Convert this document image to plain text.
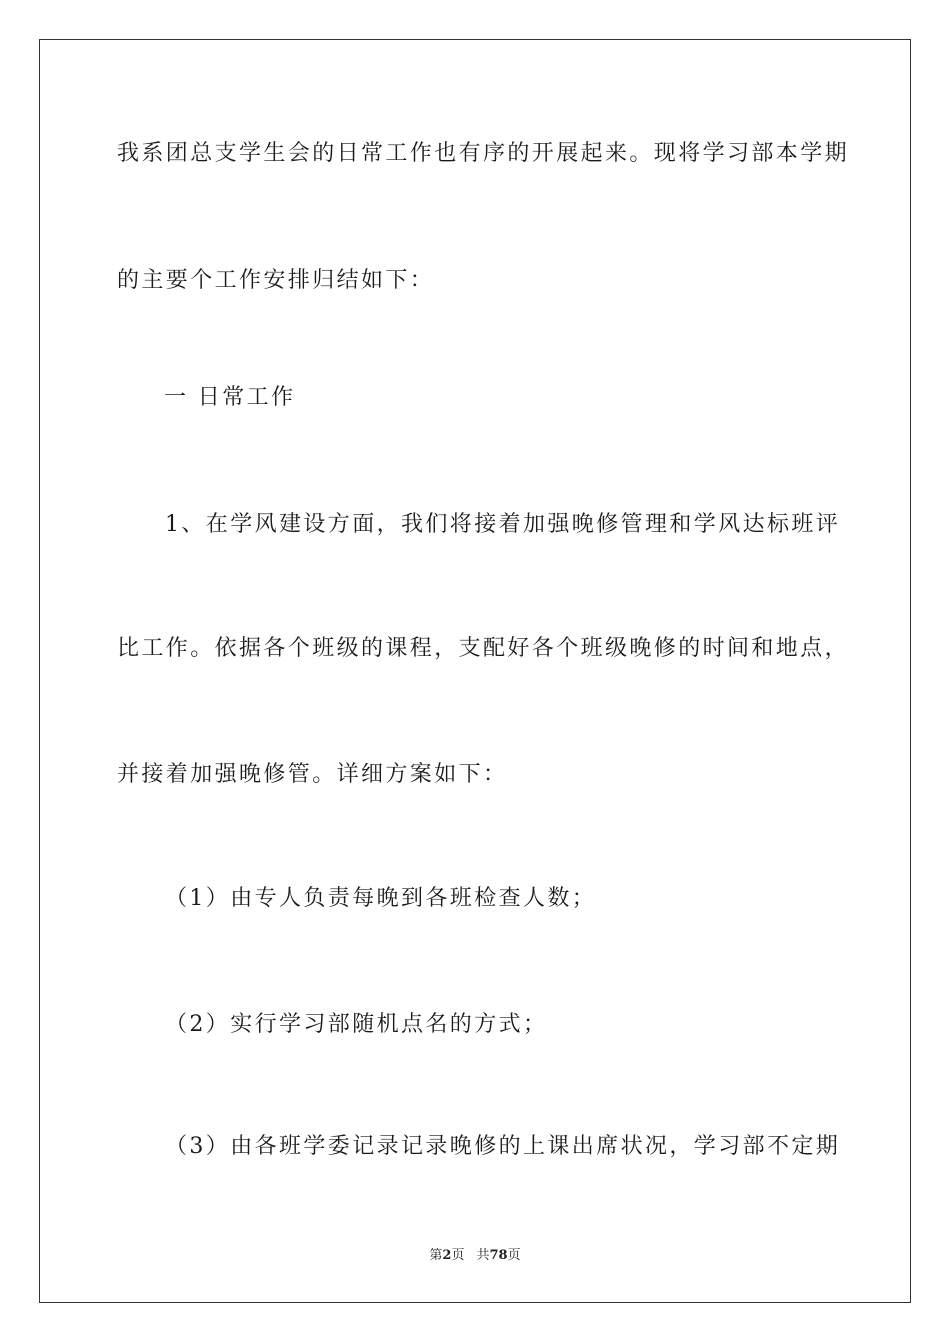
我系团总支学生会的日常工作也有序的开展起来。现将学习部本学期
的主要个工作安排归结如下：
一 日常工作
1、在学风建设方面，我们将接着加强晚修管理和学风达标班评
比工作。依据各个班级的课程，支配好各个班级晚修的时间和地点，
并接着加强晚修管。详细方案如下：
（1）由专人负责每晚到各班检查人数；
（2）实行学习部随机点名的方式；
（3）由各班学委记录记录晚修的上课出席状况，学习部不定期
第2页 共78页
